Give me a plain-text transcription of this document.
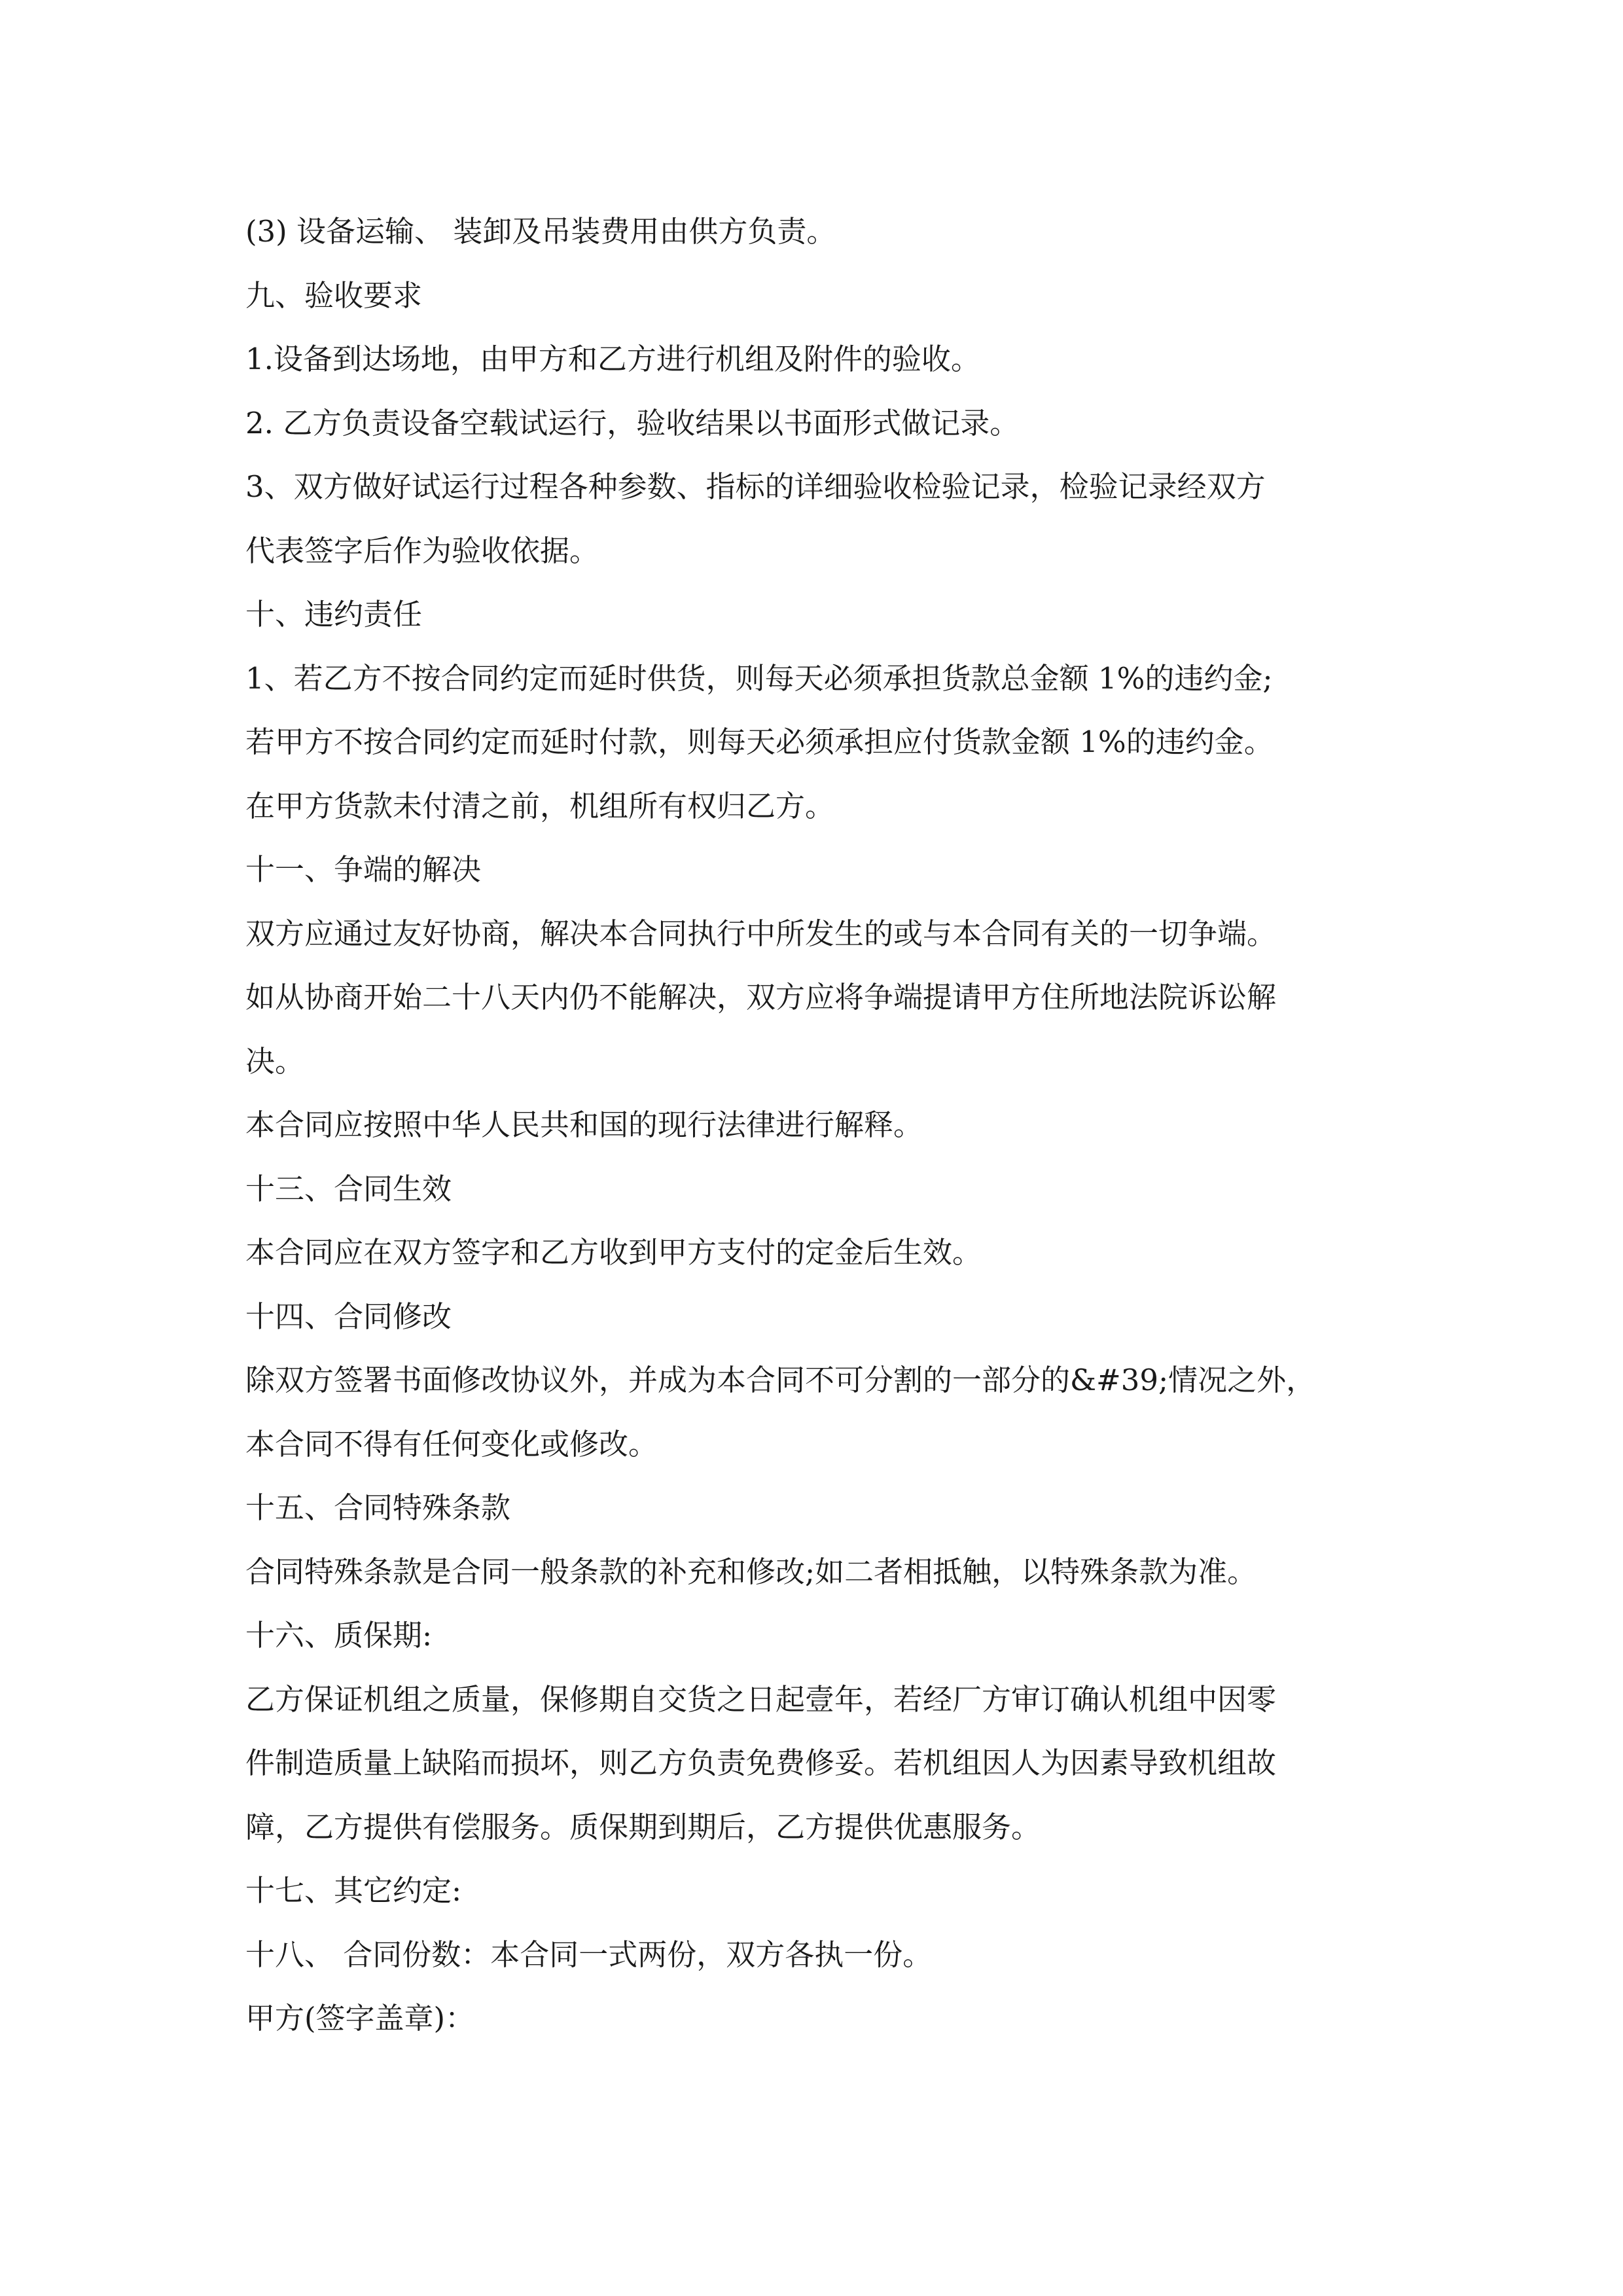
(3) 设备运输、 装卸及吊装费用由供方负责。

九、验收要求

1.设备到达场地，由甲方和乙方进行机组及附件的验收。

2. 乙方负责设备空载试运行，验收结果以书面形式做记录。

3、双方做好试运行过程各种参数、指标的详细验收检验记录，检验记录经双方

代表签字后作为验收依据。

十、违约责任

1、若乙方不按合同约定而延时供货，则每天必须承担货款总金额 1%的违约金;

若甲方不按合同约定而延时付款，则每天必须承担应付货款金额 1%的违约金。

在甲方货款未付清之前，机组所有权归乙方。

十一、争端的解决

双方应通过友好协商，解决本合同执行中所发生的或与本合同有关的一切争端。

如从协商开始二十八天内仍不能解决，双方应将争端提请甲方住所地法院诉讼解

决。

本合同应按照中华人民共和国的现行法律进行解释。

十三、合同生效

本合同应在双方签字和乙方收到甲方支付的定金后生效。

十四、合同修改

除双方签署书面修改协议外，并成为本合同不可分割的一部分的&#39;情况之外，

本合同不得有任何变化或修改。

十五、合同特殊条款

合同特殊条款是合同一般条款的补充和修改;如二者相抵触，以特殊条款为准。

十六、质保期:

乙方保证机组之质量，保修期自交货之日起壹年，若经厂方审订确认机组中因零

件制造质量上缺陷而损坏，则乙方负责免费修妥。若机组因人为因素导致机组故

障，乙方提供有偿服务。质保期到期后，乙方提供优惠服务。

十七、其它约定:

十八、 合同份数：本合同一式两份，双方各执一份。

甲方(签字盖章)：
